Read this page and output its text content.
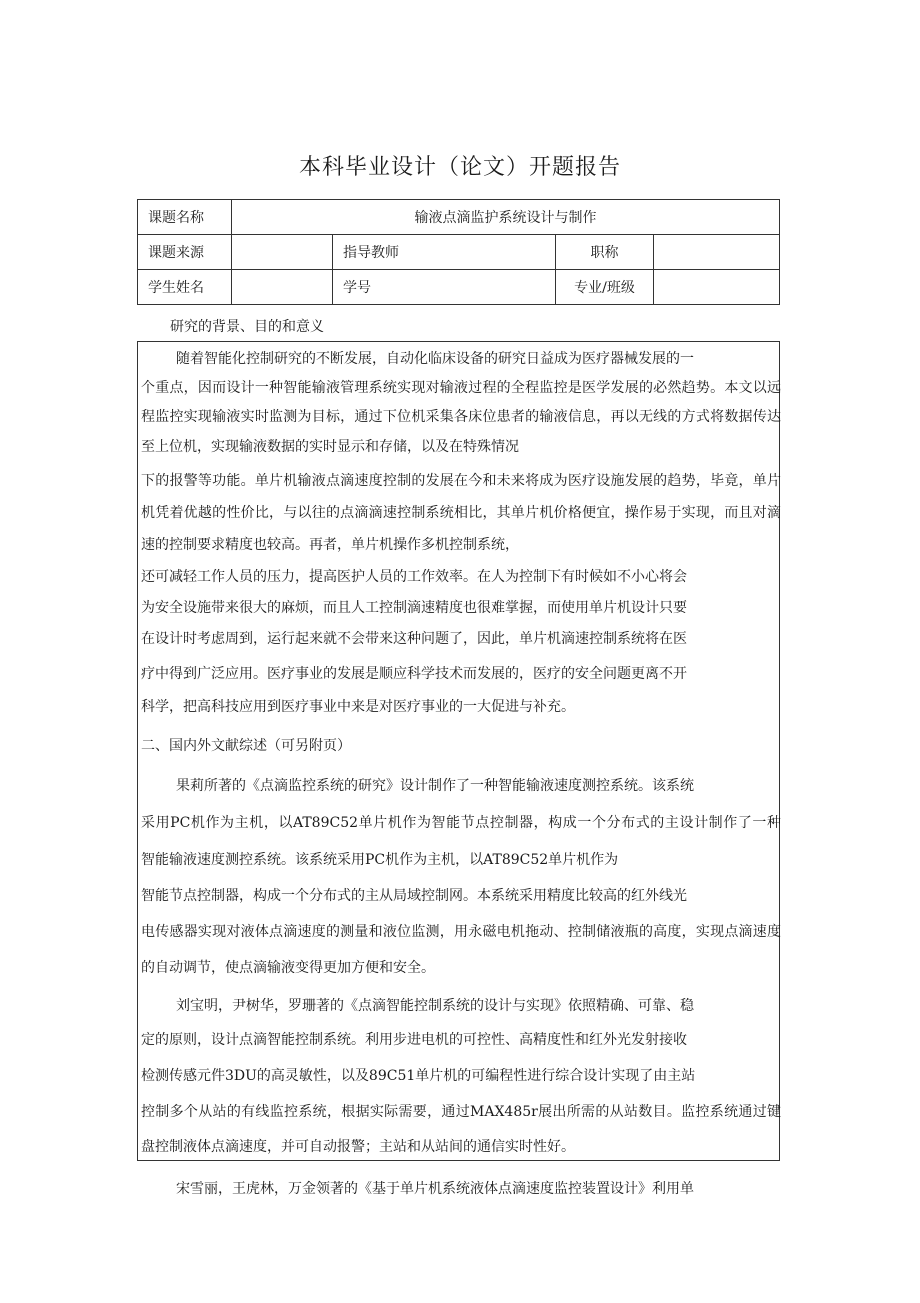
本科毕业设计（论文）开题报告
课题名称	输液点滴监护系统设计与制作			
课题来源		指导教师	职称	
学生姓名		学号	专业/班级	
研究的背景、目的和意义
随着智能化控制研究的不断发展，自动化临床设备的研究日益成为医疗器械发展的一
个重点，因而设计一种智能输液管理系统实现对输液过程的全程监控是医学发展的必然趋势。本文以远
程监控实现输液实时监测为目标，通过下位机采集各床位患者的输液信息，再以无线的方式将数据传达
至上位机，实现输液数据的实时显示和存储，以及在特殊情况
下的报警等功能。单片机输液点滴速度控制的发展在今和未来将成为医疗设施发展的趋势，毕竟，单片
机凭着优越的性价比，与以往的点滴滴速控制系统相比，其单片机价格便宜，操作易于实现，而且对滴
速的控制要求精度也较高。再者，单片机操作多机控制系统，
还可减轻工作人员的压力，提高医护人员的工作效率。在人为控制下有时候如不小心将会
为安全设施带来很大的麻烦，而且人工控制滴速精度也很难掌握，而使用单片机设计只要
在设计时考虑周到，运行起来就不会带来这种问题了，因此，单片机滴速控制系统将在医
疗中得到广泛应用。医疗事业的发展是顺应科学技术而发展的，医疗的安全问题更离不开
科学，把高科技应用到医疗事业中来是对医疗事业的一大促进与补充。
二、国内外文献综述（可另附页）
果莉所著的《点滴监控系统的研究》设计制作了一种智能输液速度测控系统。该系统
采用PC机作为主机，以AT89C52单片机作为智能节点控制器，构成一个分布式的主设计制作了一种
智能输液速度测控系统。该系统采用PC机作为主机，以AT89C52单片机作为
智能节点控制器，构成一个分布式的主从局域控制网。本系统采用精度比较高的红外线光
电传感器实现对液体点滴速度的测量和液位监测，用永磁电机拖动、控制储液瓶的高度，实现点滴速度
的自动调节，使点滴输液变得更加方便和安全。
刘宝明，尹树华，罗珊著的《点滴智能控制系统的设计与实现》依照精确、可靠、稳
定的原则，设计点滴智能控制系统。利用步进电机的可控性、高精度性和红外光发射接收
检测传感元件3DU的高灵敏性，以及89C51单片机的可编程性进行综合设计实现了由主站
控制多个从站的有线监控系统，根据实际需要，通过MAX485r展出所需的从站数目。监控系统通过键
盘控制液体点滴速度，并可自动报警；主站和从站间的通信实时性好。
宋雪丽，王虎林，万金领著的《基于单片机系统液体点滴速度监控装置设计》利用单
